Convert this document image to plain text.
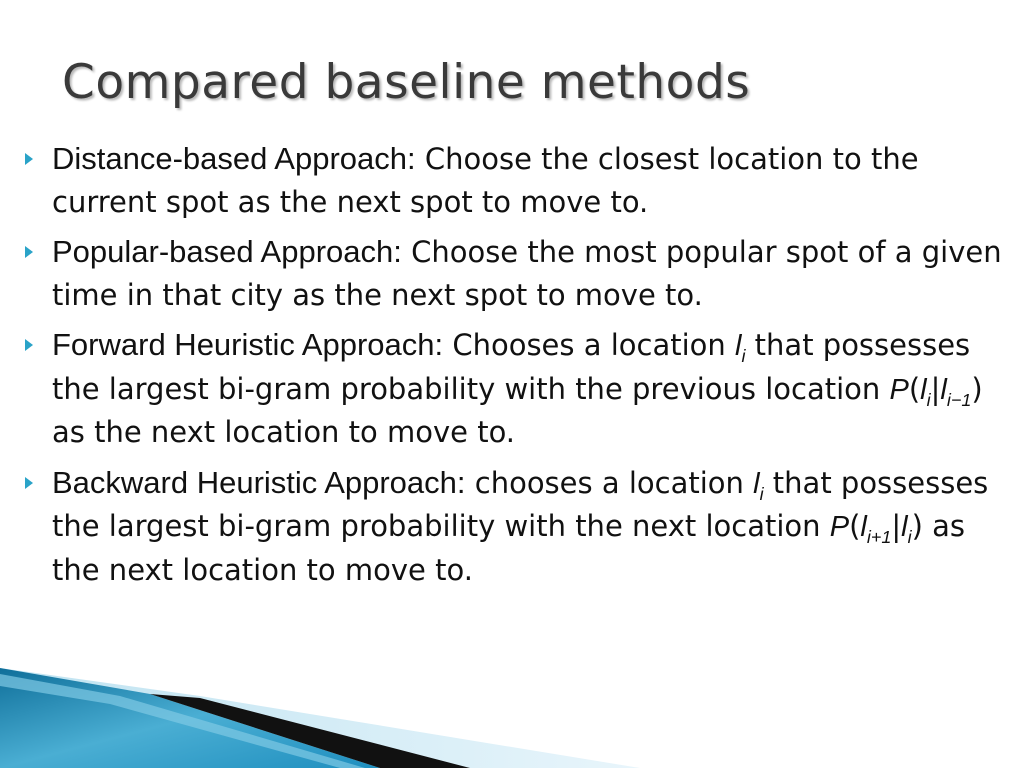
Compared baseline methods
Distance-based Approach: Choose the closest location to the current spot as the next spot to move to.
Popular-based Approach: Choose the most popular spot of a given time in that city as the next spot to move to.
Forward Heuristic Approach: Chooses a location $l_i$ that possesses the largest bi-gram probability with the previous location $P(l_i|l_{i-1})$ as the next location to move to.
Backward Heuristic Approach: chooses a location $l_i$ that possesses the largest bi-gram probability with the next location $P(l_{i+1}|l_i)$ as the next location to move to.
